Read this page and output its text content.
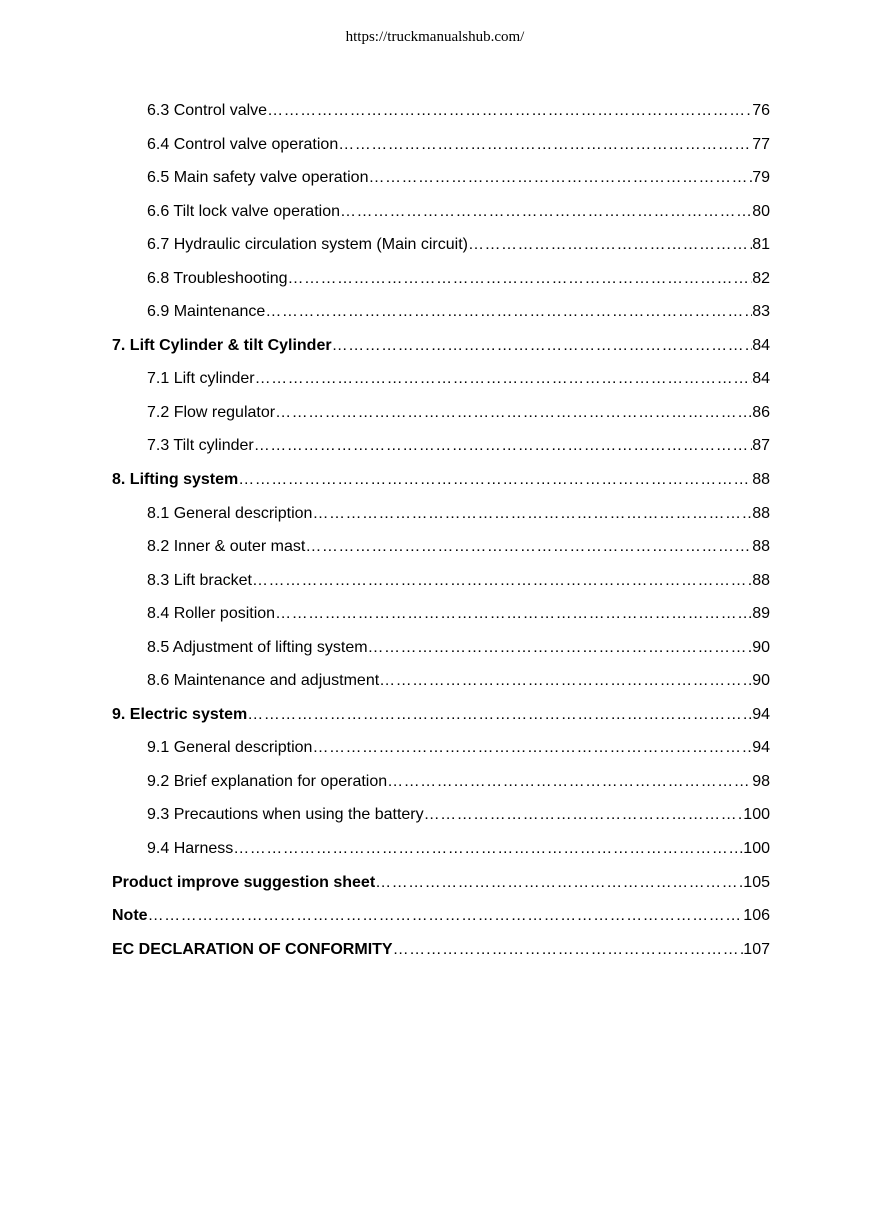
https://truckmanualshub.com/
6.3 Control valve …………………………………………………………………………………………………………………………………………………………………………………………………………………………………………	76
6.4 Control valve operation …………………………………………………………………………………………………………………………………………………………………………………………………………………………………………	77
6.5 Main safety valve operation …………………………………………………………………………………………………………………………………………………………………………………………………………………………………………	79
6.6 Tilt lock valve operation …………………………………………………………………………………………………………………………………………………………………………………………………………………………………………	80
6.7 Hydraulic circulation system (Main circuit) …………………………………………………………………………………………………………………………………………………………………………………………………………………………………………	81
6.8 Troubleshooting …………………………………………………………………………………………………………………………………………………………………………………………………………………………………………	82
6.9 Maintenance …………………………………………………………………………………………………………………………………………………………………………………………………………………………………………	83
7. Lift Cylinder & tilt Cylinder …………………………………………………………………………………………………………………………………………………………………………………………………………………………………………	84
7.1 Lift cylinder …………………………………………………………………………………………………………………………………………………………………………………………………………………………………………	84
7.2 Flow regulator …………………………………………………………………………………………………………………………………………………………………………………………………………………………………………	86
7.3 Tilt cylinder …………………………………………………………………………………………………………………………………………………………………………………………………………………………………………	87
8. Lifting system …………………………………………………………………………………………………………………………………………………………………………………………………………………………………………	88
8.1 General description …………………………………………………………………………………………………………………………………………………………………………………………………………………………………………	88
8.2 Inner & outer mast …………………………………………………………………………………………………………………………………………………………………………………………………………………………………………	88
8.3 Lift bracket …………………………………………………………………………………………………………………………………………………………………………………………………………………………………………	88
8.4 Roller position …………………………………………………………………………………………………………………………………………………………………………………………………………………………………………	89
8.5 Adjustment of lifting system …………………………………………………………………………………………………………………………………………………………………………………………………………………………………………	90
8.6 Maintenance and adjustment …………………………………………………………………………………………………………………………………………………………………………………………………………………………………………	90
9. Electric system …………………………………………………………………………………………………………………………………………………………………………………………………………………………………………	94
9.1 General description …………………………………………………………………………………………………………………………………………………………………………………………………………………………………………	94
9.2 Brief explanation for operation …………………………………………………………………………………………………………………………………………………………………………………………………………………………………………	98
9.3 Precautions when using the battery …………………………………………………………………………………………………………………………………………………………………………………………………………………………………………	100
9.4 Harness …………………………………………………………………………………………………………………………………………………………………………………………………………………………………………	100
Product improve suggestion sheet …………………………………………………………………………………………………………………………………………………………………………………………………………………………………………	105
Note …………………………………………………………………………………………………………………………………………………………………………………………………………………………………………	106
EC DECLARATION OF CONFORMITY …………………………………………………………………………………………………………………………………………………………………………………………………………………………………………	107
